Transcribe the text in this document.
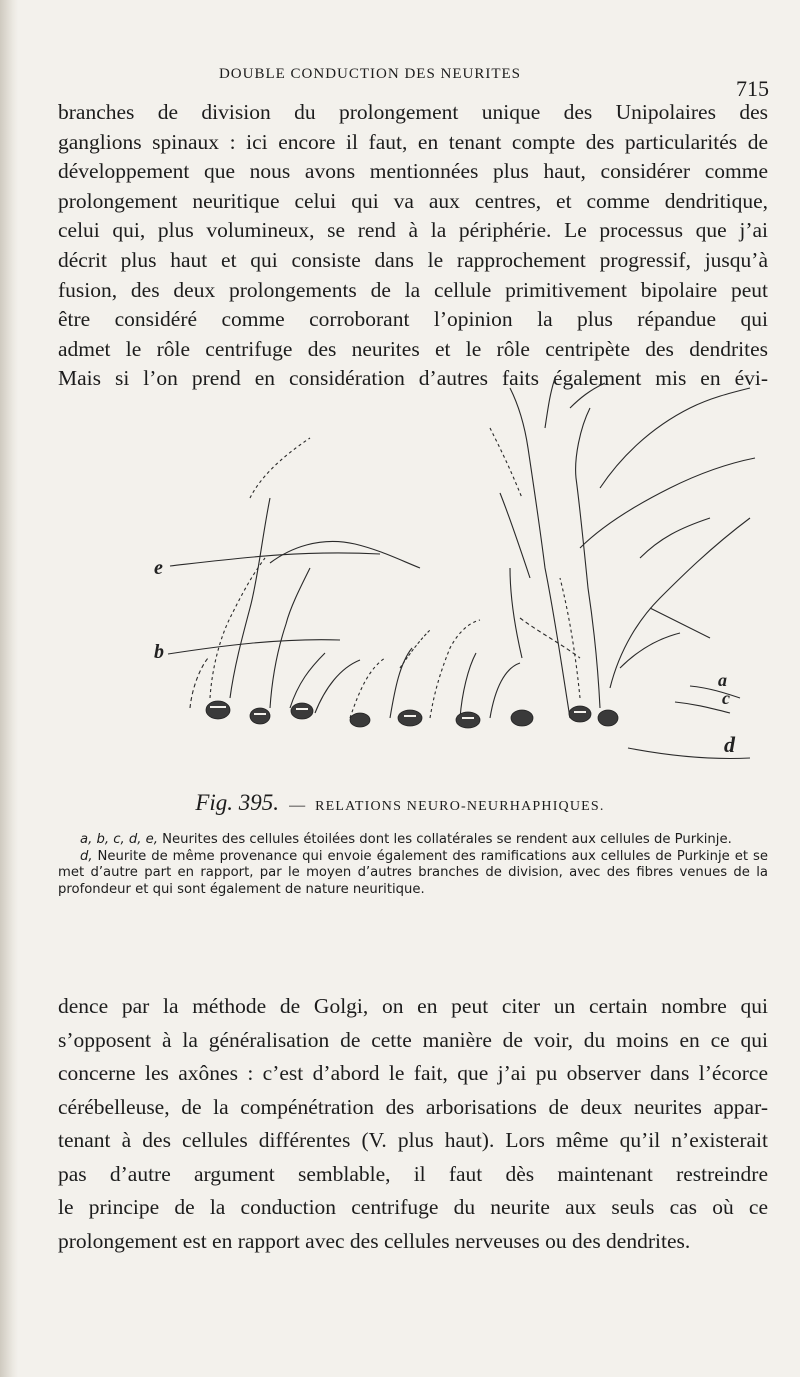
DOUBLE CONDUCTION DES NEURITES
715
branches de division du prolongement unique des Unipolaires des
ganglions spinaux : ici encore il faut, en tenant compte des particularités de
développement que nous avons mentionnées plus haut, considérer comme
prolongement neuritique celui qui va aux centres, et comme dendritique,
celui qui, plus volumineux, se rend à la périphérie. Le processus que j’ai
décrit plus haut et qui consiste dans le rapprochement progressif, jusqu’à
fusion, des deux prolongements de la cellule primitivement bipolaire peut
être considéré comme corroborant l’opinion la plus répandue qui
admet le rôle centrifuge des neurites et le rôle centripète des dendrites
Mais si l’on prend en considération d’autres faits également mis en évi-
e
b
a
c
d
Fig. 395. — RELATIONS NEURO-NEURHAPHIQUES.

a, b, c, d, e, Neurites des cellules étoilées dont les collatérales se rendent aux cellules de Purkinje.

d, Neurite de même provenance qui envoie également des ramifications aux cellules de Purkinje et se met d’autre part en rapport, par le moyen d’autres branches de division, avec des fibres venues de la profondeur et qui sont également de nature neuritique.

dence par la méthode de Golgi, on en peut citer un certain nombre qui
s’opposent à la généralisation de cette manière de voir, du moins en ce qui
concerne les axônes : c’est d’abord le fait, que j’ai pu observer dans l’écorce
cérébelleuse, de la compénétration des arborisations de deux neurites appar-
tenant à des cellules différentes (V. plus haut). Lors même qu’il n’existerait
pas d’autre argument semblable, il faut dès maintenant restreindre
le principe de la conduction centrifuge du neurite aux seuls cas où ce
prolongement est en rapport avec des cellules nerveuses ou des dendrites.
